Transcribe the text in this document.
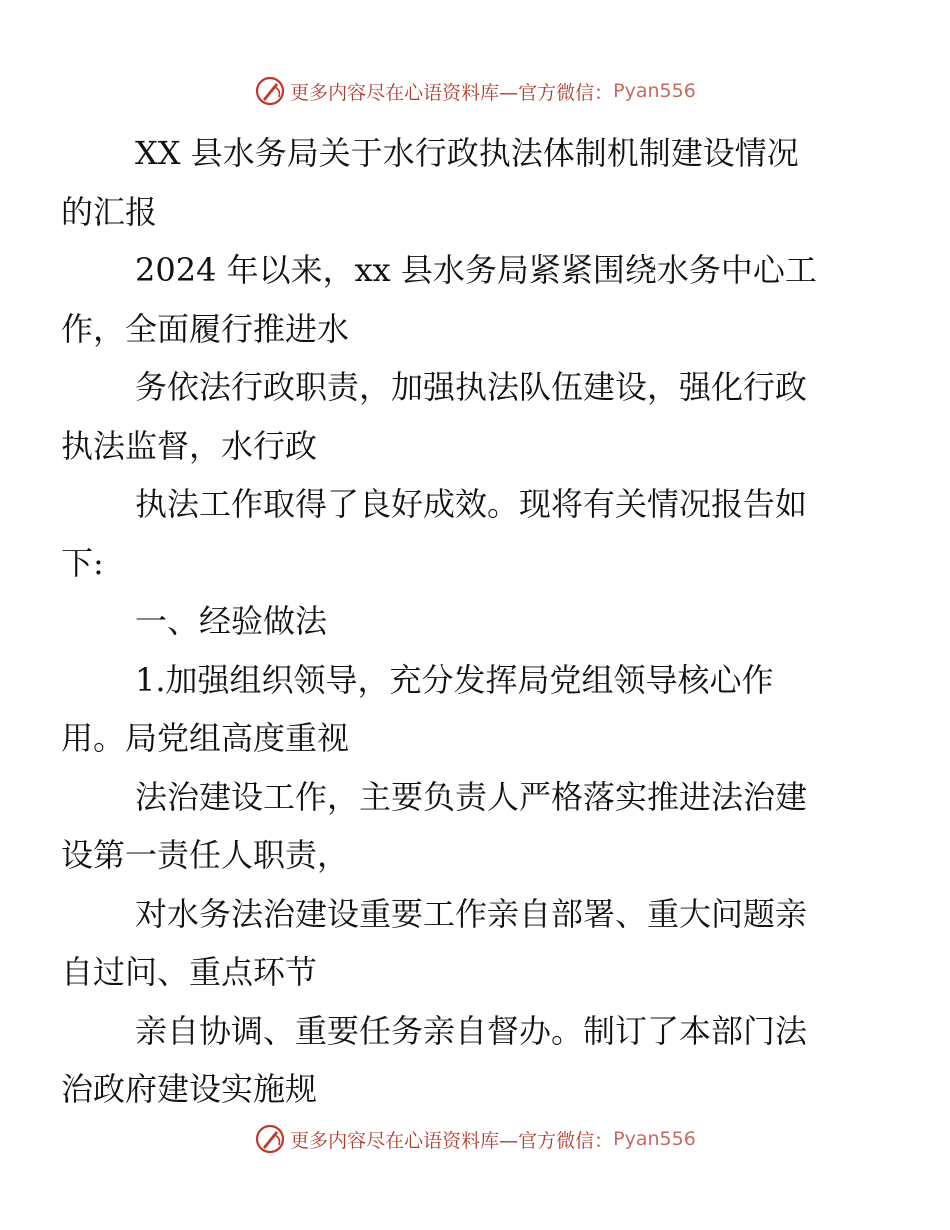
更多内容尽在心语资料库—官方微信： Pyan556

XX 县水务局关于水行政执法体制机制建设情况
的汇报

2024 年以来，xx 县水务局紧紧围绕水务中心工
作，全面履行推进水

务依法行政职责，加强执法队伍建设，强化行政
执法监督，水行政

执法工作取得了良好成效。现将有关情况报告如
下:

一、经验做法

1.加强组织领导，充分发挥局党组领导核心作
用。局党组高度重视

法治建设工作，主要负责人严格落实推进法治建
设第一责任人职责，

对水务法治建设重要工作亲自部署、重大问题亲
自过问、重点环节

亲自协调、重要任务亲自督办。制订了本部门法
治政府建设实施规

更多内容尽在心语资料库—官方微信： Pyan556
